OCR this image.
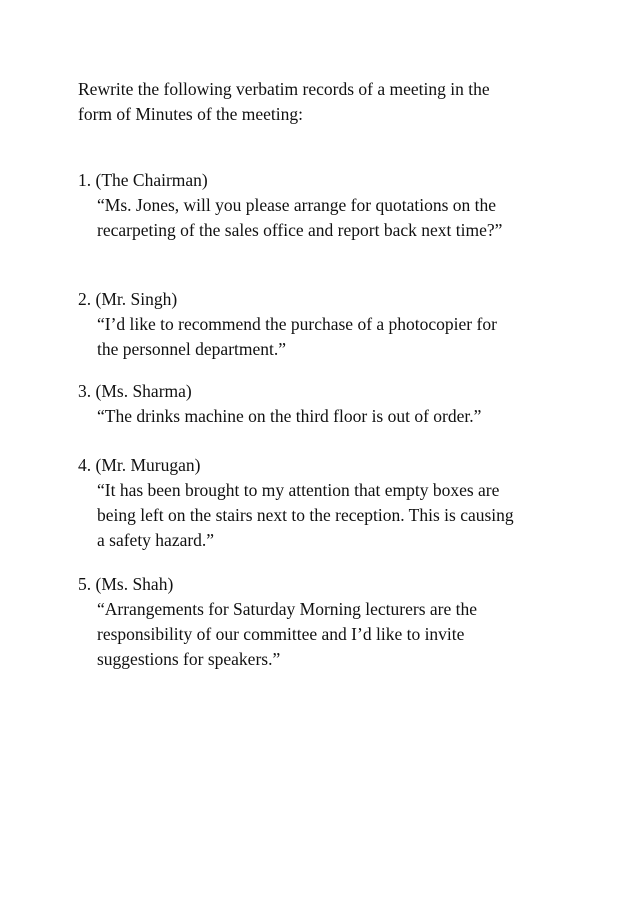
Rewrite the following verbatim records of a meeting in the
form of Minutes of the meeting:
1. (The Chairman)
“Ms. Jones, will you please arrange for quotations on the
recarpeting of the sales office and report back next time?”
2. (Mr. Singh)
“I’d like to recommend the purchase of a photocopier for
the personnel department.”
3. (Ms. Sharma)
“The drinks machine on the third floor is out of order.”
4. (Mr. Murugan)
“It has been brought to my attention that empty boxes are
being left on the stairs next to the reception. This is causing
a safety hazard.”
5. (Ms. Shah)
“Arrangements for Saturday Morning lecturers are the
responsibility of our committee and I’d like to invite
suggestions for speakers.”
